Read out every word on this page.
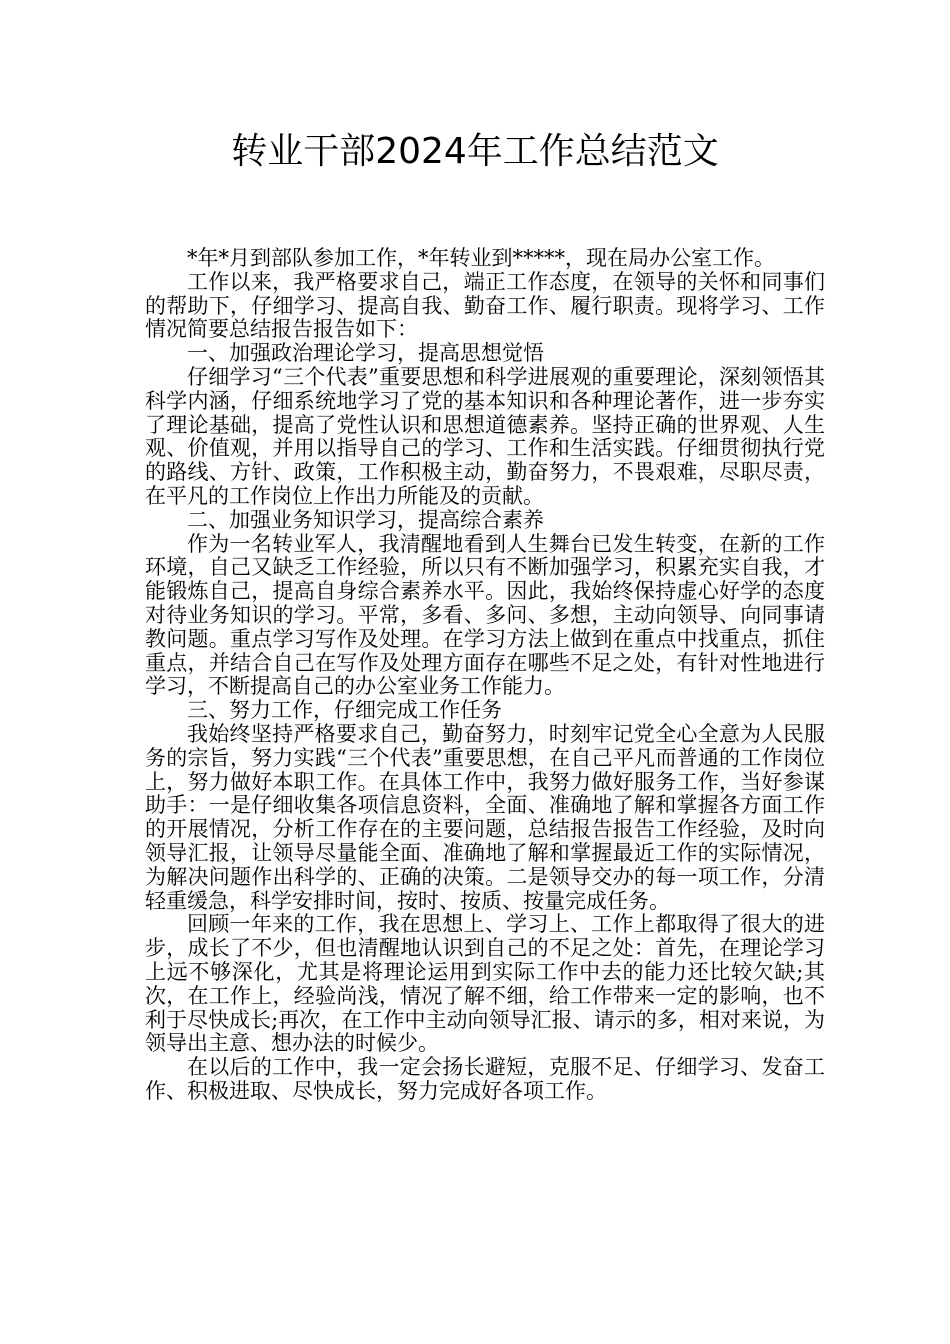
转业干部2024年工作总结范文

*年*月到部队参加工作，*年转业到*****，现在局办公室工作。

工作以来，我严格要求自己，端正工作态度，在领导的关怀和同事们的帮助下，仔细学习、提高自我、勤奋工作、履行职责。现将学习、工作情况简要总结报告报告如下：

一、加强政治理论学习，提高思想觉悟

仔细学习“三个代表”重要思想和科学进展观的重要理论，深刻领悟其科学内涵，仔细系统地学习了党的基本知识和各种理论著作，进一步夯实了理论基础，提高了党性认识和思想道德素养。坚持正确的世界观、人生观、价值观，并用以指导自己的学习、工作和生活实践。仔细贯彻执行党的路线、方针、政策，工作积极主动，勤奋努力，不畏艰难，尽职尽责，在平凡的工作岗位上作出力所能及的贡献。

二、加强业务知识学习，提高综合素养

作为一名转业军人，我清醒地看到人生舞台已发生转变，在新的工作环境，自己又缺乏工作经验，所以只有不断加强学习，积累充实自我，才能锻炼自己，提高自身综合素养水平。因此，我始终保持虚心好学的态度对待业务知识的学习。平常，多看、多问、多想，主动向领导、向同事请教问题。重点学习写作及处理。在学习方法上做到在重点中找重点，抓住重点，并结合自己在写作及处理方面存在哪些不足之处，有针对性地进行学习，不断提高自己的办公室业务工作能力。

三、努力工作，仔细完成工作任务

我始终坚持严格要求自己，勤奋努力，时刻牢记党全心全意为人民服务的宗旨，努力实践“三个代表”重要思想，在自己平凡而普通的工作岗位上，努力做好本职工作。在具体工作中，我努力做好服务工作，当好参谋助手：一是仔细收集各项信息资料，全面、准确地了解和掌握各方面工作的开展情况，分析工作存在的主要问题，总结报告报告工作经验，及时向领导汇报，让领导尽量能全面、准确地了解和掌握最近工作的实际情况，为解决问题作出科学的、正确的决策。二是领导交办的每一项工作，分清轻重缓急，科学安排时间，按时、按质、按量完成任务。

回顾一年来的工作，我在思想上、学习上、工作上都取得了很大的进步，成长了不少，但也清醒地认识到自己的不足之处：首先，在理论学习上远不够深化，尤其是将理论运用到实际工作中去的能力还比较欠缺;其次，在工作上，经验尚浅，情况了解不细，给工作带来一定的影响，也不利于尽快成长;再次，在工作中主动向领导汇报、请示的多，相对来说，为领导出主意、想办法的时候少。

在以后的工作中，我一定会扬长避短，克服不足、仔细学习、发奋工作、积极进取、尽快成长，努力完成好各项工作。
